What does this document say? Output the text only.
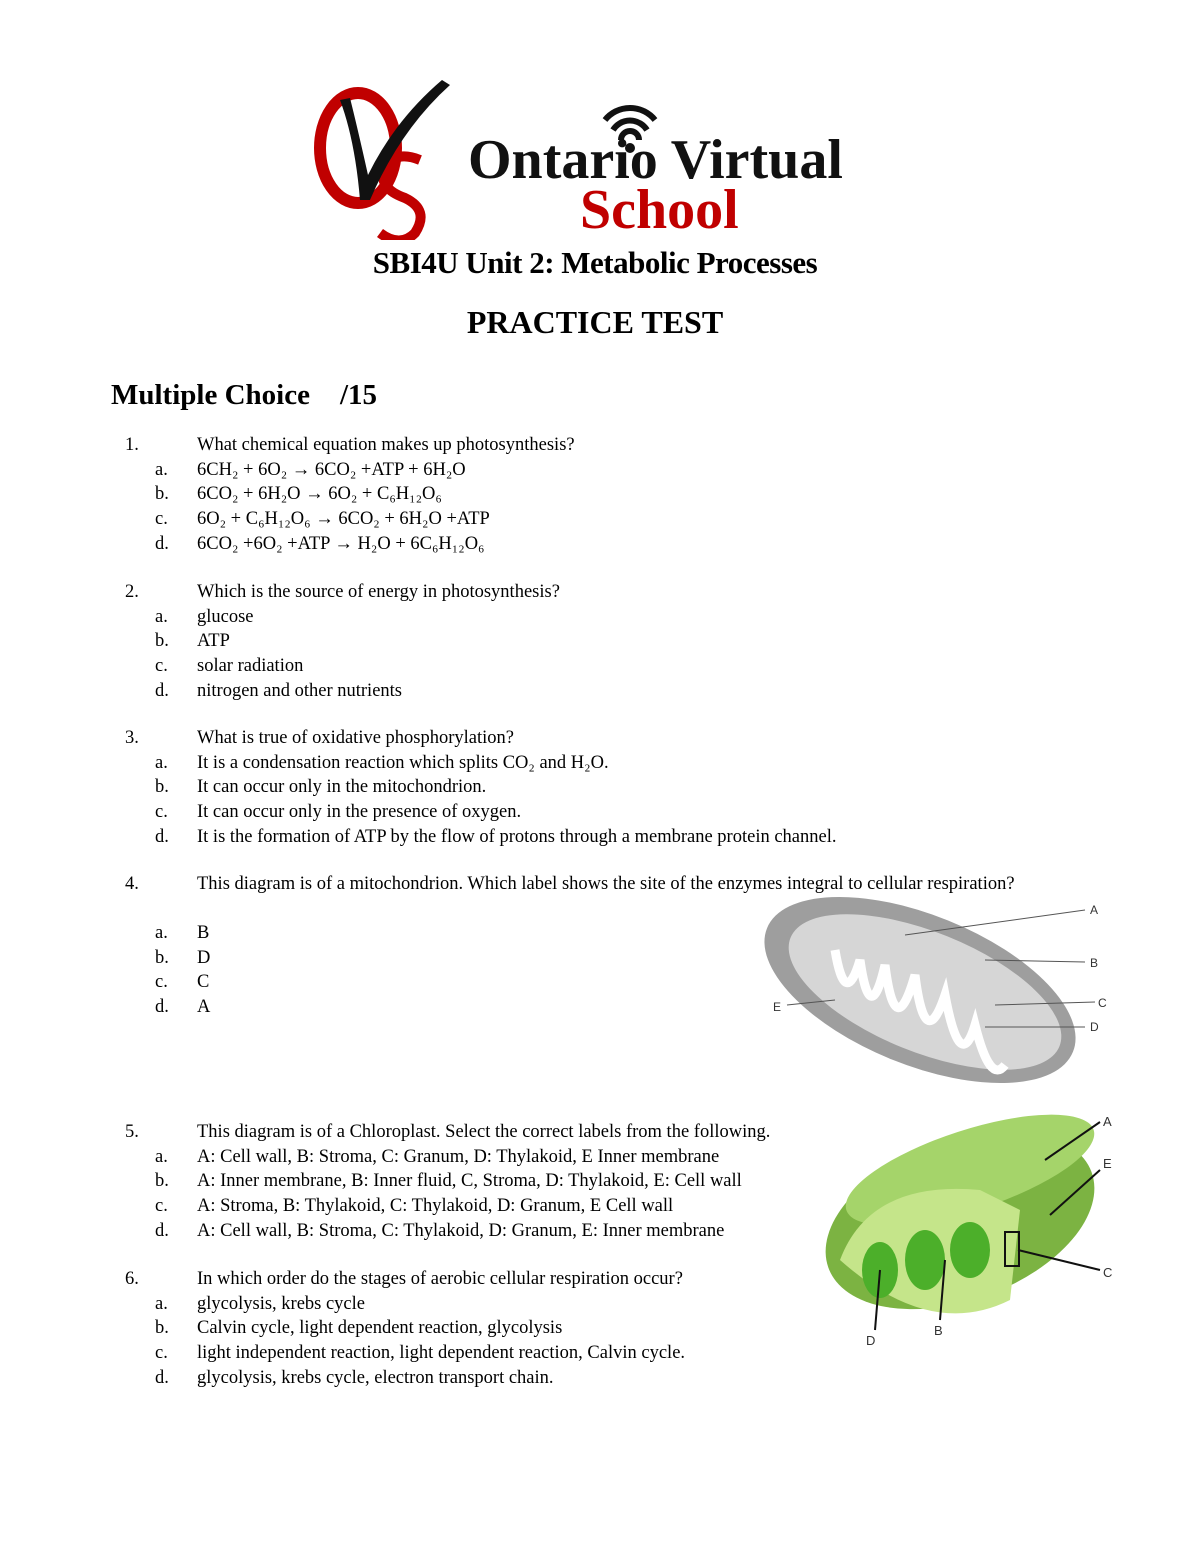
Ontario Virtual
School
SBI4U Unit 2: Metabolic Processes
PRACTICE TEST
Multiple Choice /15
1.	What chemical equation makes up photosynthesis?
a. 6CH₂ + 6O₂ → 6CO₂ +ATP + 6H₂O
b. 6CO₂ + 6H₂O → 6O₂ + C₆H₁₂O₆
c. 6O₂ + C₆H₁₂O₆ → 6CO₂ + 6H₂O +ATP
d. 6CO₂ +6O₂ +ATP → H₂O + 6C₆H₁₂O₆
2.	Which is the source of energy in photosynthesis?
a. glucose
b. ATP
c. solar radiation
d. nitrogen and other nutrients
3.	What is true of oxidative phosphorylation?
a. It is a condensation reaction which splits CO₂ and H₂O.
b. It can occur only in the mitochondrion.
c. It can occur only in the presence of oxygen.
d. It is the formation of ATP by the flow of protons through a membrane protein channel.
4.	This diagram is of a mitochondrion. Which label shows the site of the enzymes integral to cellular respiration?
a. B
b. D
c. C
d. A
5.	This diagram is of a Chloroplast. Select the correct labels from the following.
a. A: Cell wall, B: Stroma, C: Granum, D: Thylakoid, E Inner membrane
b. A: Inner membrane, B: Inner fluid, C, Stroma, D: Thylakoid, E: Cell wall
c. A: Stroma, B: Thylakoid, C: Thylakoid, D: Granum, E Cell wall
d. A: Cell wall, B: Stroma, C: Thylakoid, D: Granum, E: Inner membrane
6.	In which order do the stages of aerobic cellular respiration occur?
a. glycolysis, krebs cycle
b. Calvin cycle, light dependent reaction, glycolysis
c. light independent reaction, light dependent reaction, Calvin cycle.
d. glycolysis, krebs cycle, electron transport chain.
A
B
C
D
E
A
E
C
D
B
